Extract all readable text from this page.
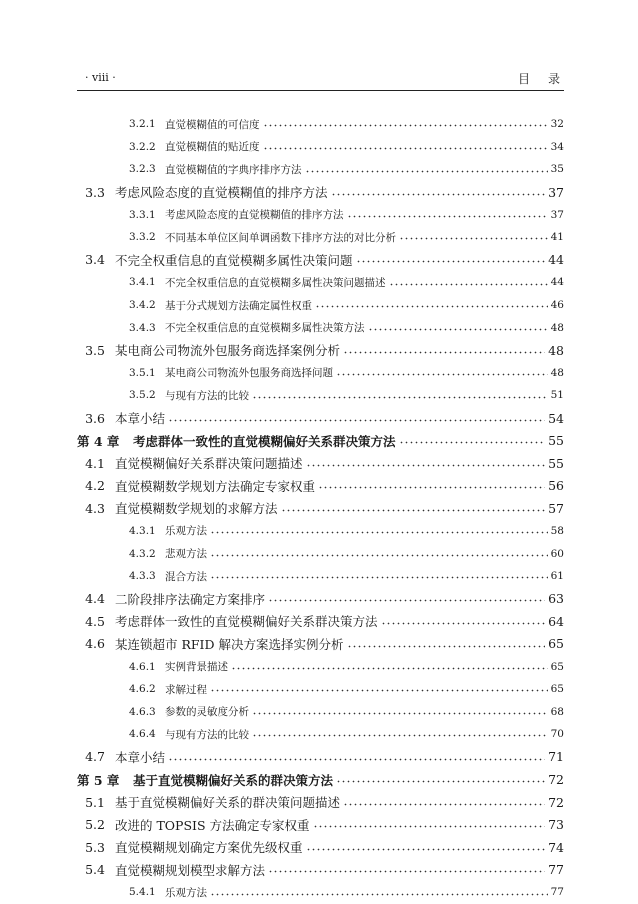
· viii ·	目录
3.2.1 直觉模糊值的可信度	32
3.2.2 直觉模糊值的贴近度	34
3.2.3 直觉模糊值的字典序排序方法	35
3.3 考虑风险态度的直觉模糊值的排序方法	37
3.3.1 考虑风险态度的直觉模糊值的排序方法	37
3.3.2 不同基本单位区间单调函数下排序方法的对比分析	41
3.4 不完全权重信息的直觉模糊多属性决策问题	44
3.4.1 不完全权重信息的直觉模糊多属性决策问题描述	44
3.4.2 基于分式规划方法确定属性权重	46
3.4.3 不完全权重信息的直觉模糊多属性决策方法	48
3.5 某电商公司物流外包服务商选择案例分析	48
3.5.1 某电商公司物流外包服务商选择问题	48
3.5.2 与现有方法的比较	51
3.6 本章小结	54
第 4 章	考虑群体一致性的直觉模糊偏好关系群决策方法	55
4.1 直觉模糊偏好关系群决策问题描述	55
4.2 直觉模糊数学规划方法确定专家权重	56
4.3 直觉模糊数学规划的求解方法	57
4.3.1 乐观方法	58
4.3.2 悲观方法	60
4.3.3 混合方法	61
4.4 二阶段排序法确定方案排序	63
4.5 考虑群体一致性的直觉模糊偏好关系群决策方法	64
4.6 某连锁超市 RFID 解决方案选择实例分析	65
4.6.1 实例背景描述	65
4.6.2 求解过程	65
4.6.3 参数的灵敏度分析	68
4.6.4 与现有方法的比较	70
4.7 本章小结	71
第 5 章	基于直觉模糊偏好关系的群决策方法	72
5.1 基于直觉模糊偏好关系的群决策问题描述	72
5.2 改进的 TOPSIS 方法确定专家权重	73
5.3 直觉模糊规划确定方案优先级权重	74
5.4 直觉模糊规划模型求解方法	77
5.4.1 乐观方法	77
